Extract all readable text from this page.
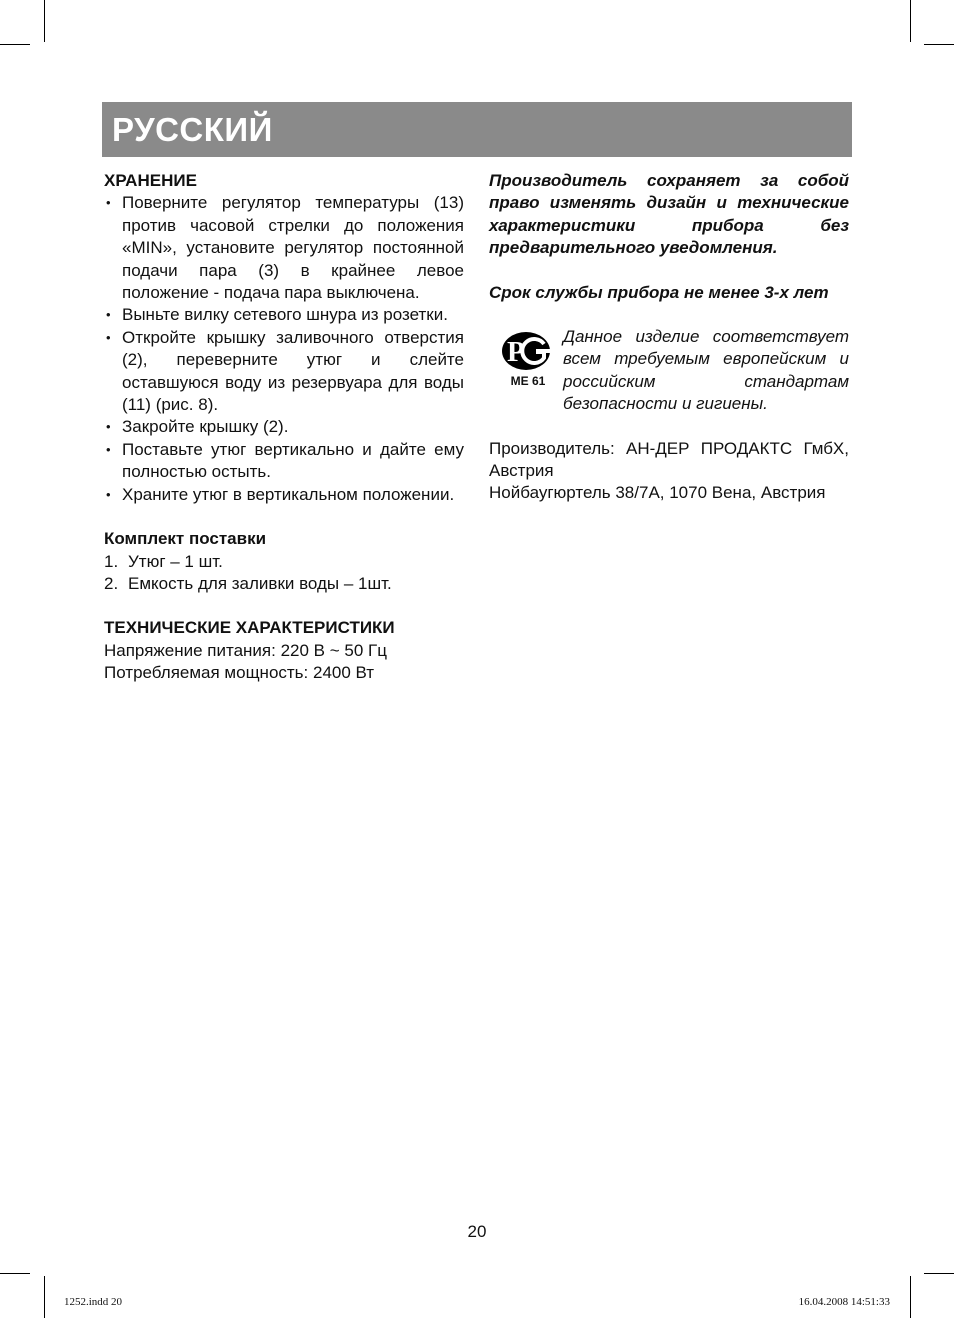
РУССКИЙ

ХРАНЕНИЕ

• Поверните регулятор температуры (13) против часовой стрелки до положения «MIN», установите регулятор постоянной подачи пара (3) в крайнее левое положение - подача пара выключена.
• Выньте вилку сетевого шнура из розетки.
• Откройте крышку заливочного отверстия (2), переверните утюг и слейте оставшуюся воду из резервуара для воды (11) (рис. 8).
• Закройте крышку (2).
• Поставьте утюг вертикально и дайте ему полностью остыть.
• Храните утюг в вертикальном положении.

Комплект поставки

1. Утюг – 1 шт.
2. Емкость для заливки воды – 1шт.

ТЕХНИЧЕСКИЕ ХАРАКТЕРИСТИКИ

Напряжение питания: 220 В ~ 50 Гц

Потребляемая мощность: 2400 Вт

Производитель сохраняет за собой право изменять дизайн и технические характеристики прибора без предварительного уведомления.

Срок службы прибора не менее 3-х лет

P
МЕ 61

Данное изделие соответствует всем требуемым европейским и российским стандартам безопасности и гигиены.

Производитель: АН-ДЕР ПРОДАКТС ГмбХ, Австрия

Нойбаугюртель 38/7А, 1070 Вена, Австрия

20
1252.indd 20	16.04.2008 14:51:33
